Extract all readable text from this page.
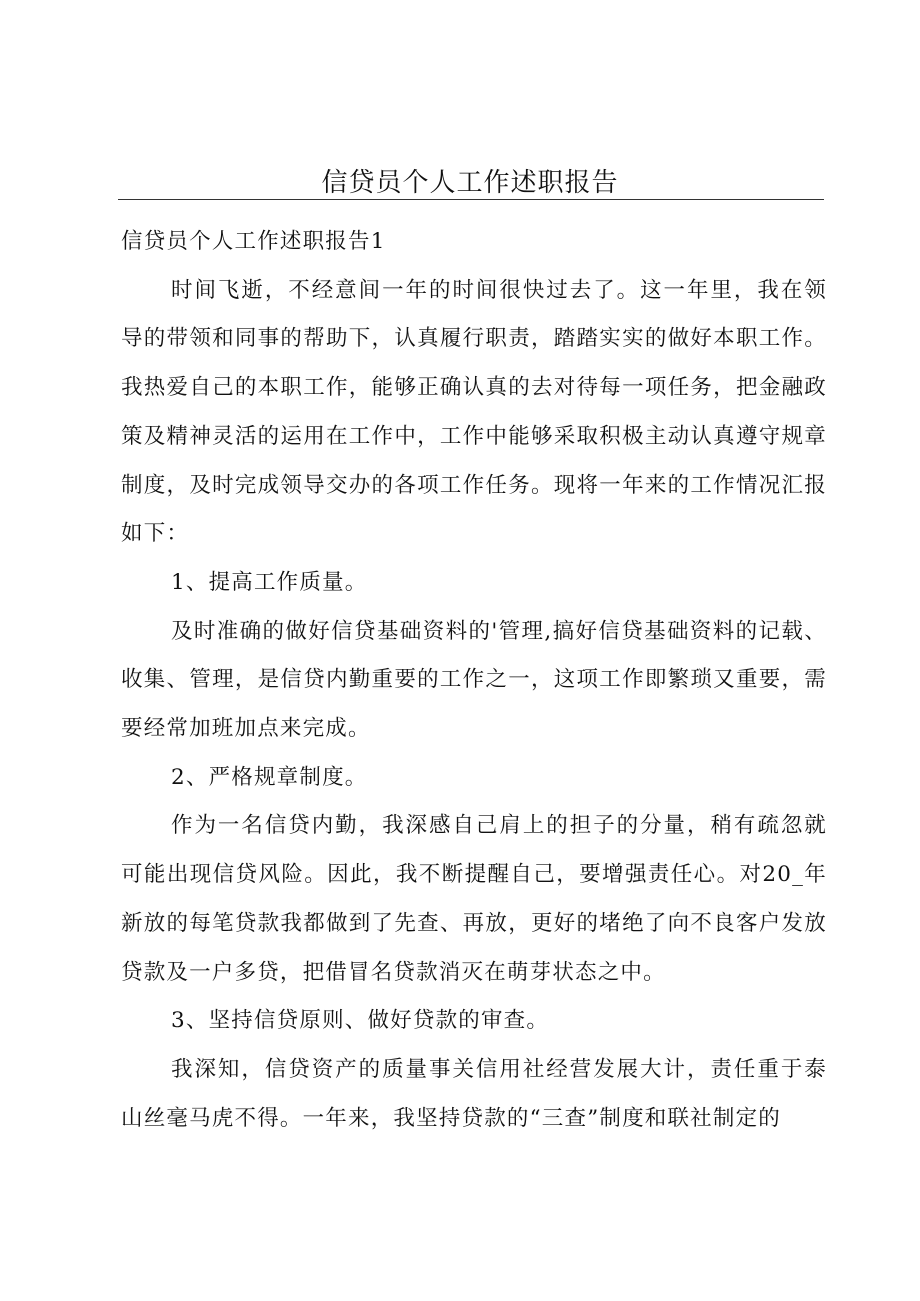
信贷员个人工作述职报告

信贷员个人工作述职报告1

时间飞逝，不经意间一年的时间很快过去了。这一年里，我在领导的带领和同事的帮助下，认真履行职责，踏踏实实的做好本职工作。我热爱自己的本职工作，能够正确认真的去对待每一项任务，把金融政策及精神灵活的运用在工作中，工作中能够采取积极主动认真遵守规章制度，及时完成领导交办的各项工作任务。现将一年来的工作情况汇报如下：

1、提高工作质量。

及时准确的做好信贷基础资料的'管理,搞好信贷基础资料的记载、收集、管理，是信贷内勤重要的工作之一，这项工作即繁琐又重要，需要经常加班加点来完成。

2、严格规章制度。

作为一名信贷内勤，我深感自己肩上的担子的分量，稍有疏忽就可能出现信贷风险。因此，我不断提醒自己，要增强责任心。对20_年新放的每笔贷款我都做到了先查、再放，更好的堵绝了向不良客户发放贷款及一户多贷，把借冒名贷款消灭在萌芽状态之中。

3、坚持信贷原则、做好贷款的审查。

我深知，信贷资产的质量事关信用社经营发展大计，责任重于泰山丝毫马虎不得。一年来，我坚持贷款的“三查”制度和联社制定的
